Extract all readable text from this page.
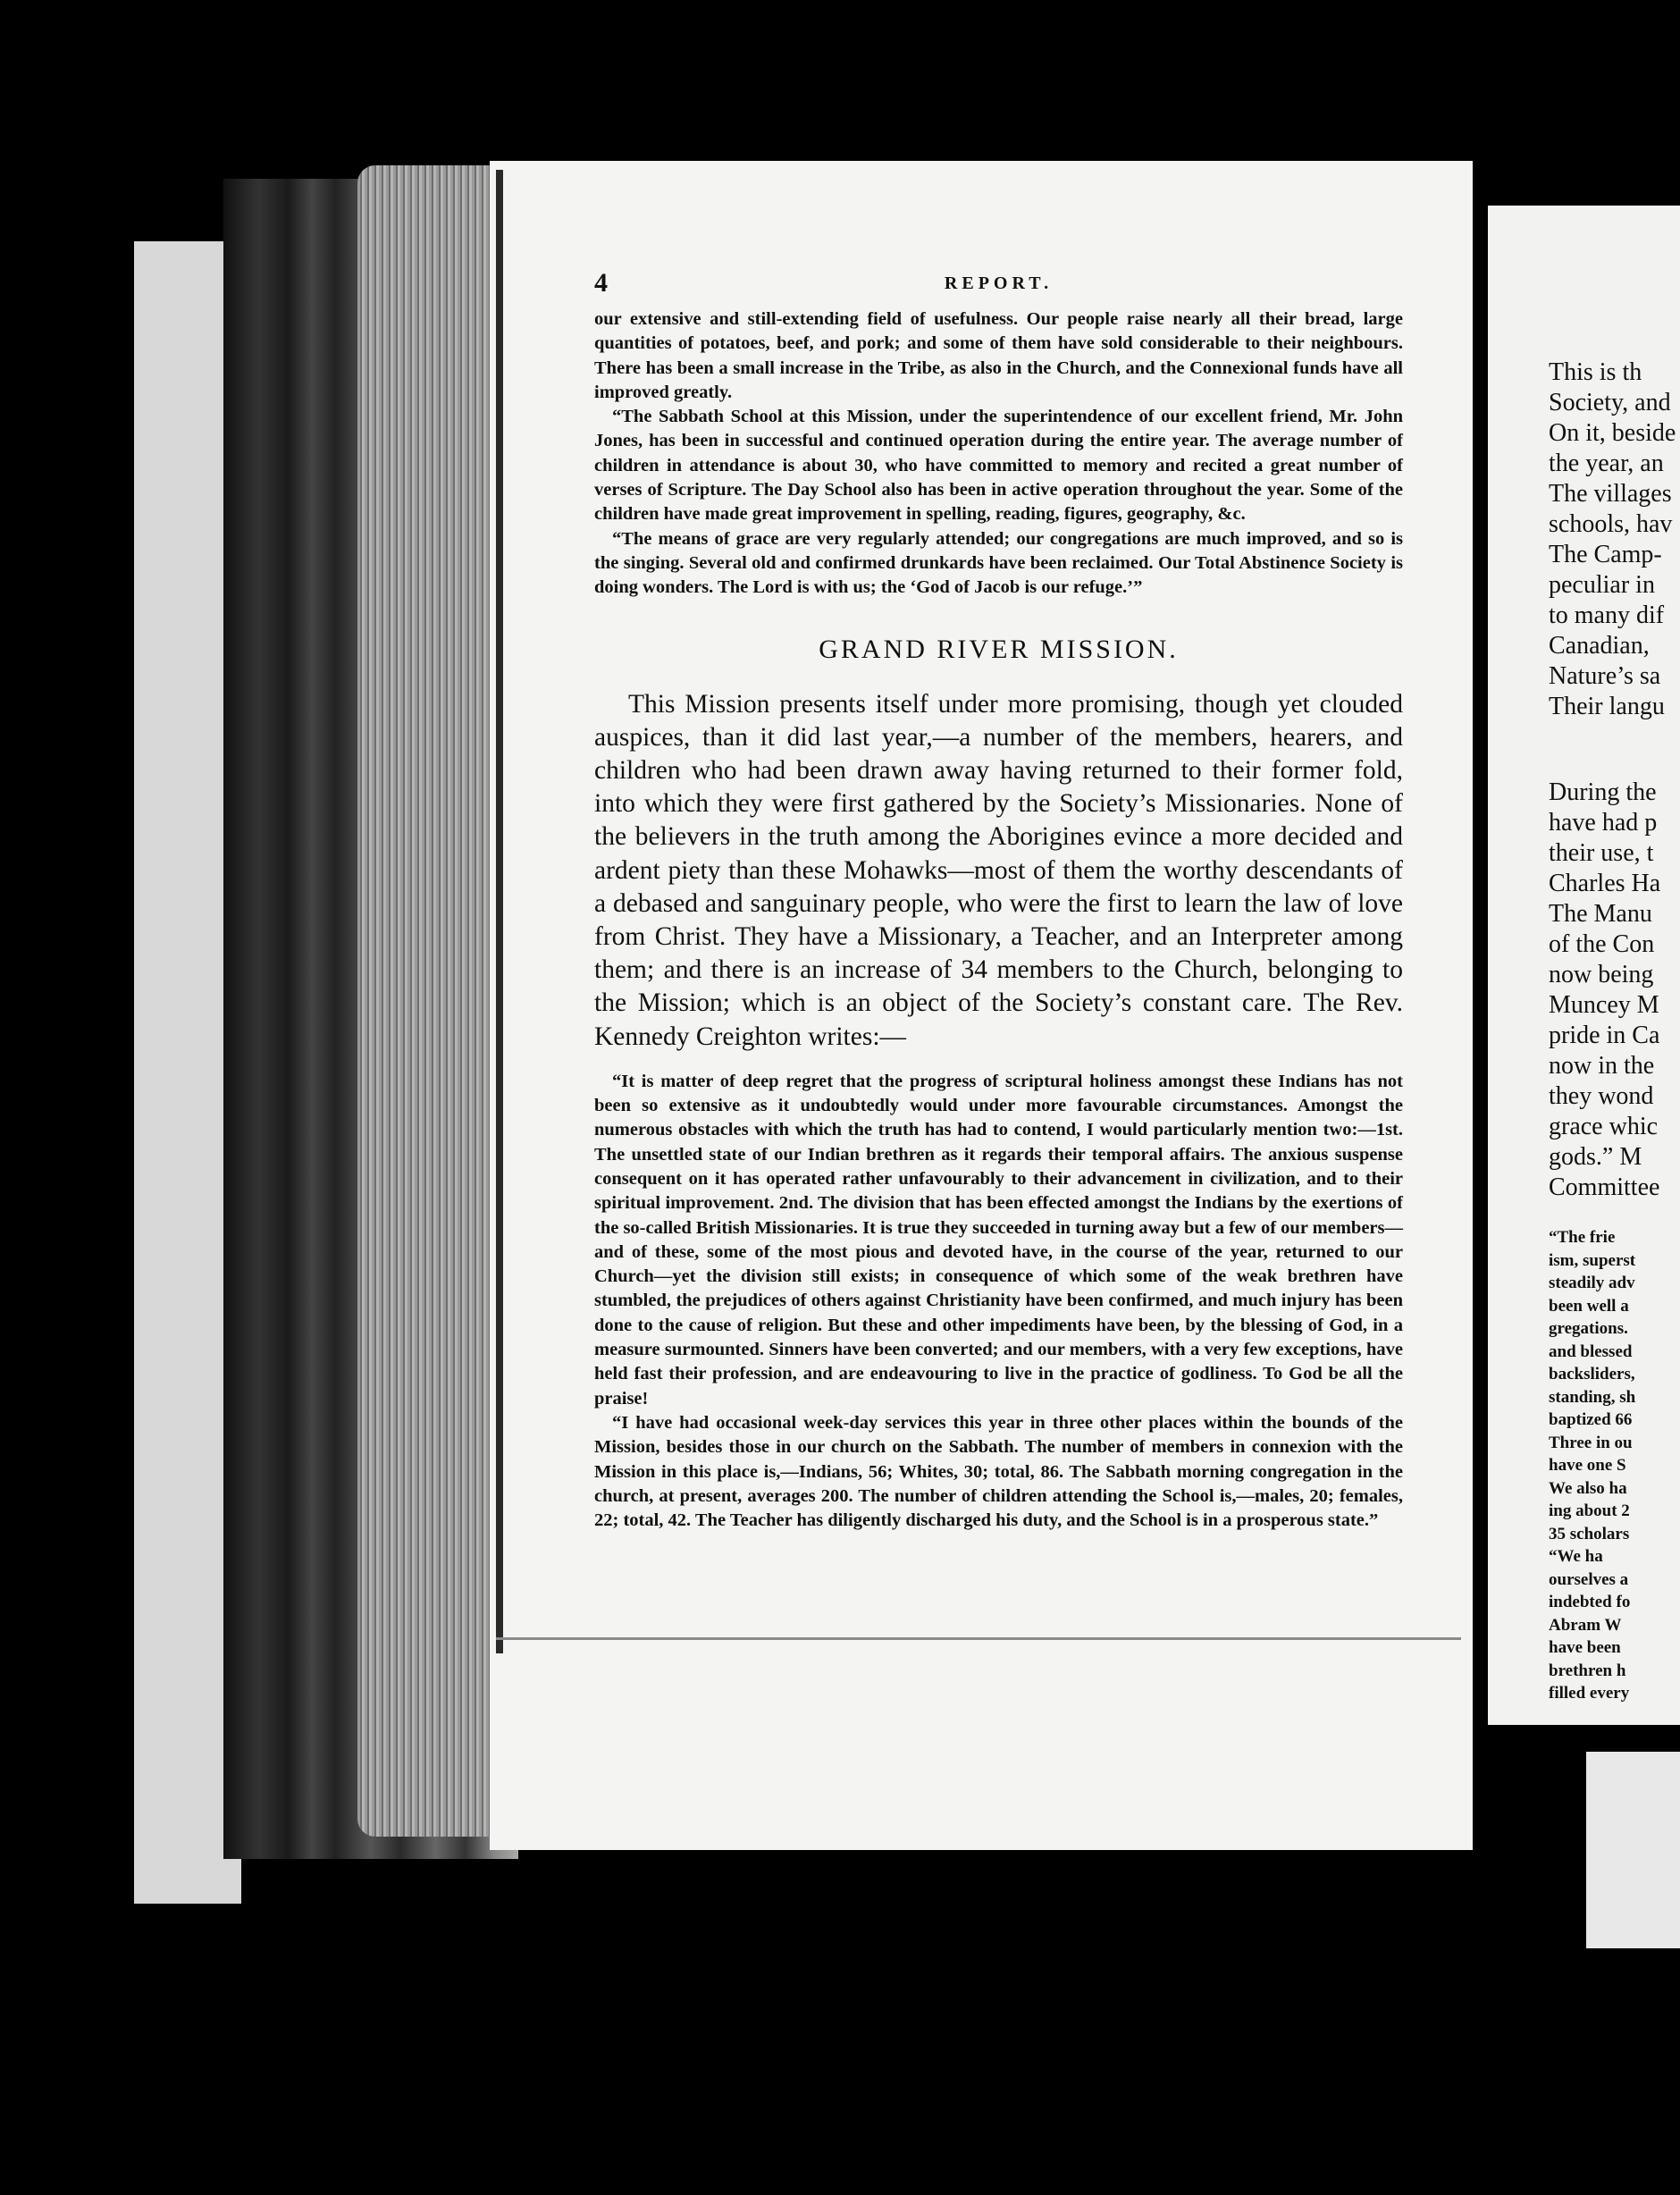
4	REPORT.

our extensive and still-extending field of usefulness. Our people raise nearly all their bread, large quantities of potatoes, beef, and pork; and some of them have sold considerable to their neighbours. There has been a small increase in the Tribe, as also in the Church, and the Connexional funds have all improved greatly.

“The Sabbath School at this Mission, under the superintendence of our excellent friend, Mr. John Jones, has been in successful and continued operation during the entire year. The average number of children in attendance is about 30, who have committed to memory and recited a great number of verses of Scripture. The Day School also has been in active operation throughout the year. Some of the children have made great improvement in spelling, reading, figures, geography, &c.

“The means of grace are very regularly attended; our congregations are much improved, and so is the singing. Several old and confirmed drunkards have been reclaimed. Our Total Abstinence Society is doing wonders. The Lord is with us; the ‘God of Jacob is our refuge.’”

GRAND RIVER MISSION.

This Mission presents itself under more promising, though yet clouded auspices, than it did last year,—a number of the members, hearers, and children who had been drawn away having returned to their former fold, into which they were first gathered by the Society’s Missionaries. None of the believers in the truth among the Aborigines evince a more decided and ardent piety than these Mohawks—most of them the worthy descendants of a debased and sanguinary people, who were the first to learn the law of love from Christ. They have a Missionary, a Teacher, and an Interpreter among them; and there is an increase of 34 members to the Church, belonging to the Mission; which is an object of the Society’s constant care. The Rev. Kennedy Creighton writes:—

“It is matter of deep regret that the progress of scriptural holiness amongst these Indians has not been so extensive as it undoubtedly would under more favourable circumstances. Amongst the numerous obstacles with which the truth has had to contend, I would particularly mention two:—1st. The unsettled state of our Indian brethren as it regards their temporal affairs. The anxious suspense consequent on it has operated rather unfavourably to their advancement in civilization, and to their spiritual improvement. 2nd. The division that has been effected amongst the Indians by the exertions of the so-called British Missionaries. It is true they succeeded in turning away but a few of our members—and of these, some of the most pious and devoted have, in the course of the year, returned to our Church—yet the division still exists; in consequence of which some of the weak brethren have stumbled, the prejudices of others against Christianity have been confirmed, and much injury has been done to the cause of religion. But these and other impediments have been, by the blessing of God, in a measure surmounted. Sinners have been converted; and our members, with a very few exceptions, have held fast their profession, and are endeavouring to live in the practice of godliness. To God be all the praise!

“I have had occasional week-day services this year in three other places within the bounds of the Mission, besides those in our church on the Sabbath. The number of members in connexion with the Mission in this place is,—Indians, 56; Whites, 30; total, 86. The Sabbath morning congregation in the church, at present, averages 200. The number of children attending the School is,—males, 20; females, 22; total, 42. The Teacher has diligently discharged his duty, and the School is in a prosperous state.”

This is th
Society, and
On it, beside
the year, an
The villages
schools, hav
The Camp-
peculiar in
to many dif
Canadian,
Nature’s sa
Their langu
During the
have had p
their use, t
Charles Ha
The Manu
of the Con
now being
Muncey M
pride in Ca
now in the
they wond
grace whic
gods.” M
Committee
“The frie
ism, superst
steadily adv
been well a
gregations.
and blessed
backsliders,
standing, sh
baptized 66
Three in ou
have one S
We also ha
ing about 2
35 scholars
“We ha
ourselves a
indebted fo
Abram W
have been
brethren h
filled every
